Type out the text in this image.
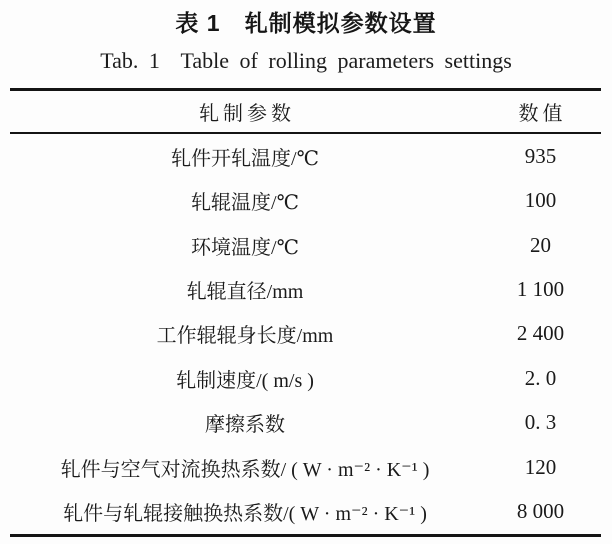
表 1　轧制模拟参数设置
Tab. 1  Table of rolling parameters settings
轧制参数	数值
轧件开轧温度/℃	935
轧辊温度/℃	100
环境温度/℃	20
轧辊直径/mm	1 100
工作辊辊身长度/mm	2 400
轧制速度/( m/s )	2. 0
摩擦系数	0. 3
轧件与空气对流换热系数/ ( W · m⁻² · K⁻¹ )	120
轧件与轧辊接触换热系数/( W · m⁻² · K⁻¹ )	8 000
